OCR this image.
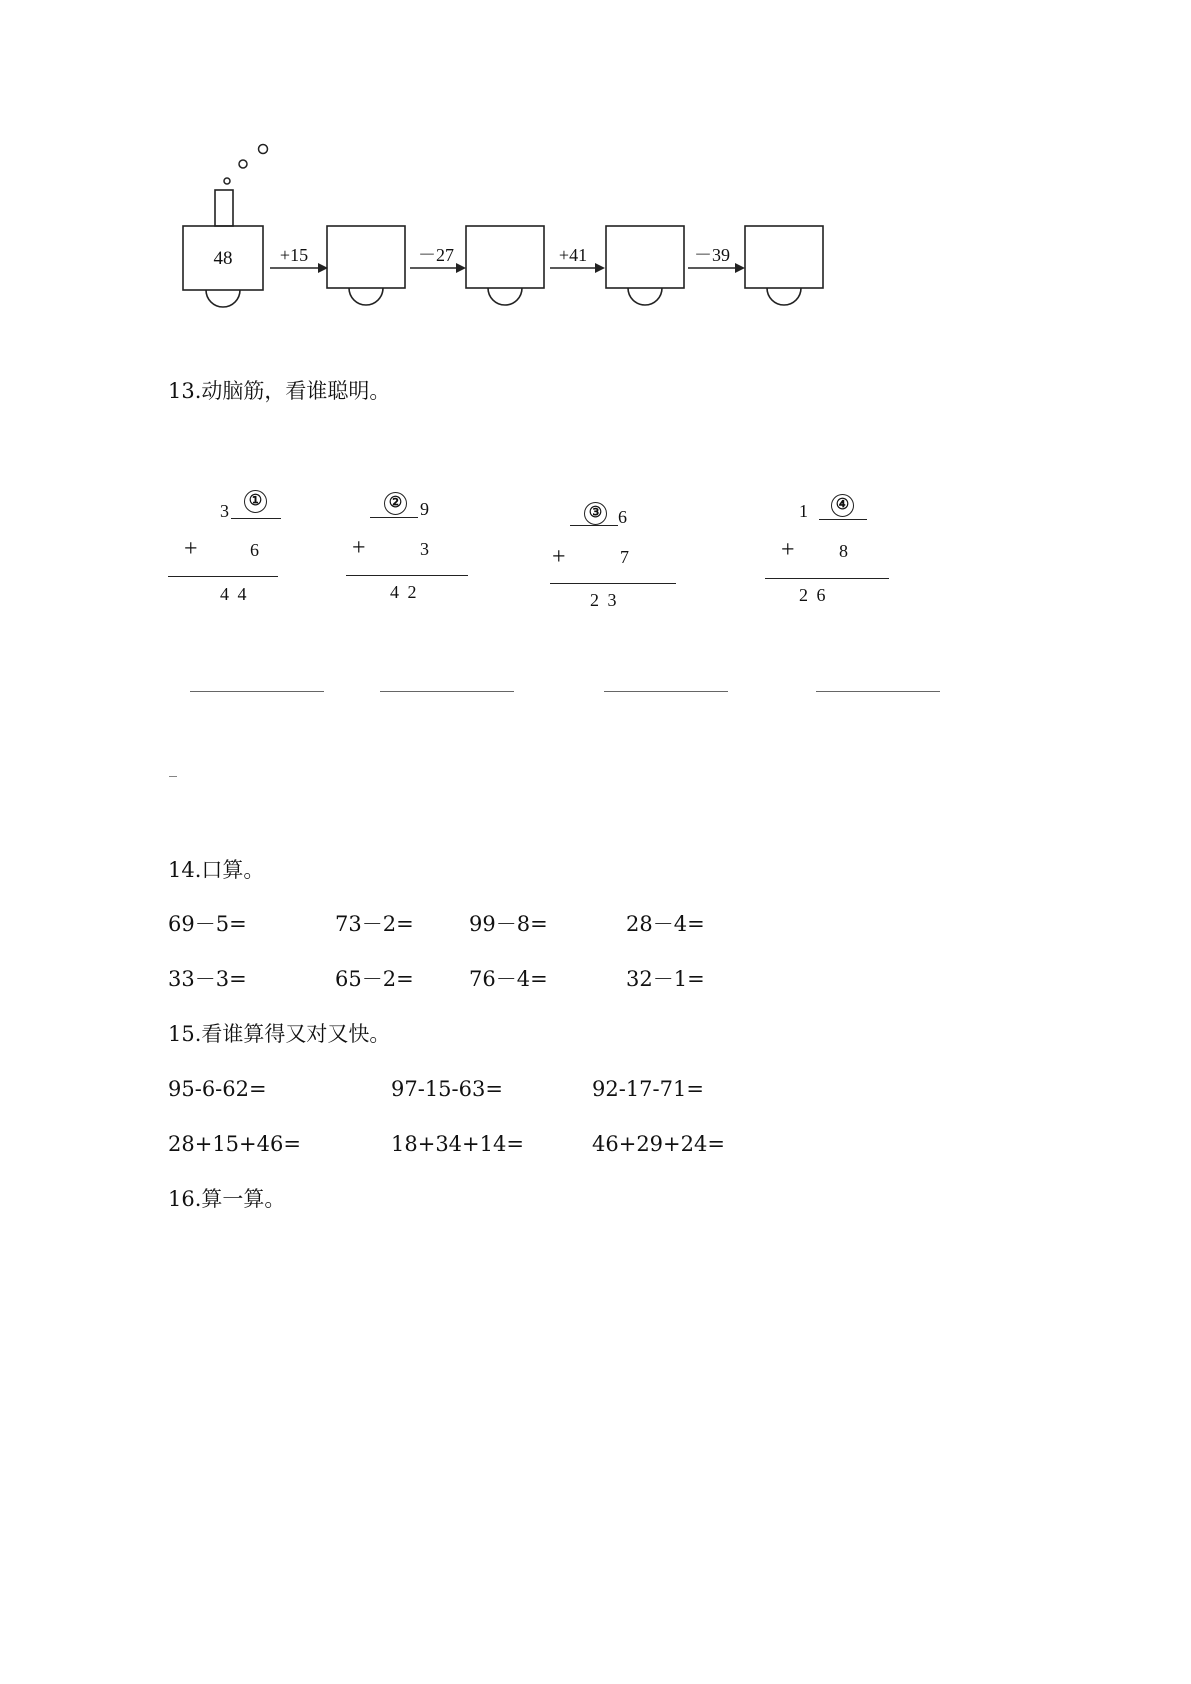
48	+15	－27	+41	－39
13.动脑筋，看谁聪明。
3	①
+	6
4 4
② 9
+	3
4 2
③ 6
+	7
2 3
1	④
+ 8
2 6
_
14.口算。
69－5=	73－2=	99－8=	28－4=
33－3=	65－2=	76－4=	32－1=
15.看谁算得又对又快。
95-6-62=	97-15-63=	92-17-71=
28+15+46=	18+34+14=	46+29+24=
16.算一算。
